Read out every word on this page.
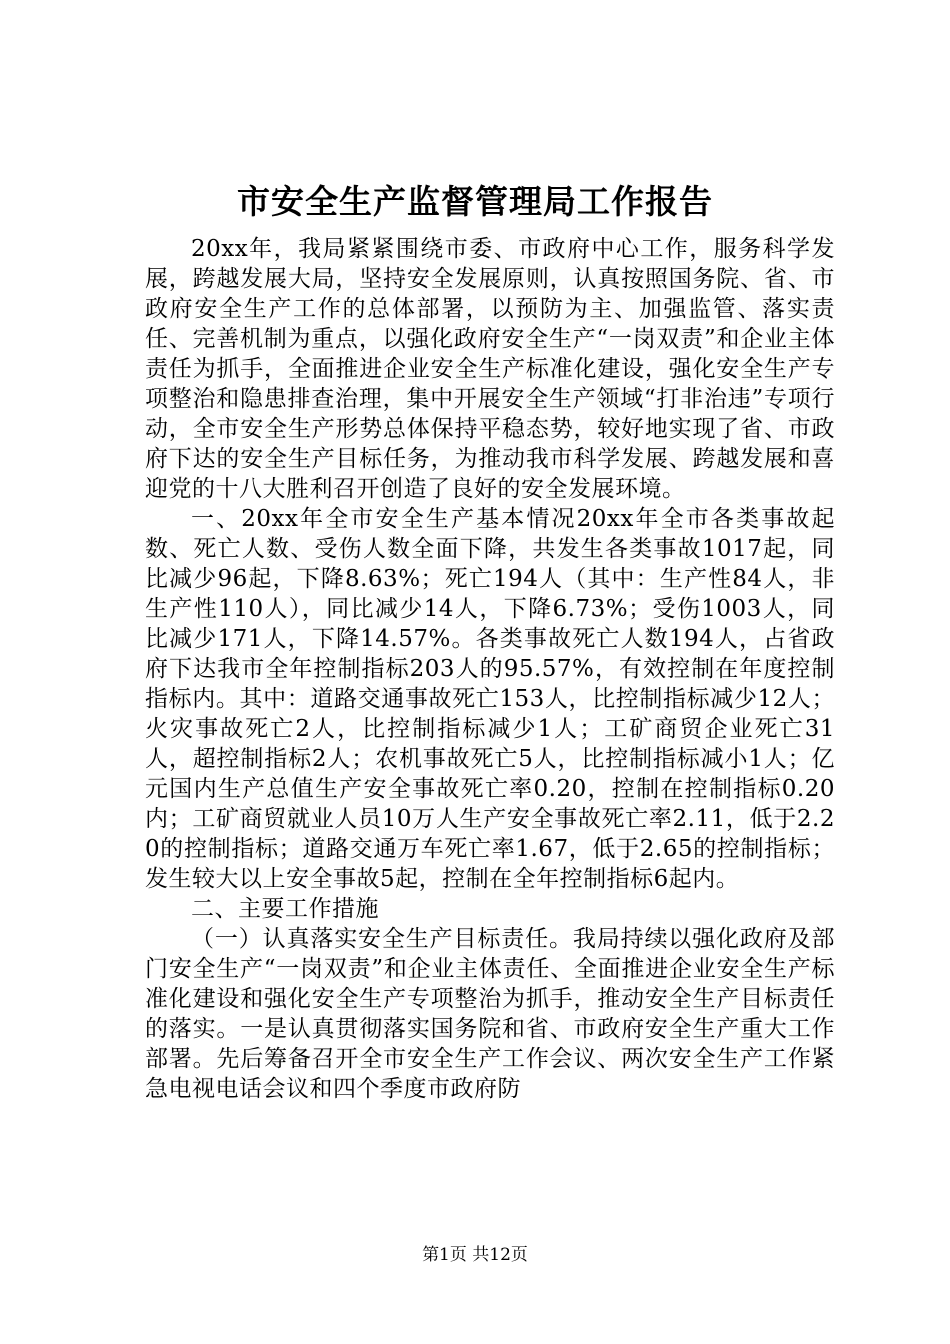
市安全生产监督管理局工作报告

20xx年，我局紧紧围绕市委、市政府中心工作，服务科学发展，跨越发展大局，坚持安全发展原则，认真按照国务院、省、市政府安全生产工作的总体部署，以预防为主、加强监管、落实责任、完善机制为重点，以强化政府安全生产“一岗双责”和企业主体责任为抓手，全面推进企业安全生产标准化建设，强化安全生产专项整治和隐患排查治理，集中开展安全生产领域“打非治违”专项行动，全市安全生产形势总体保持平稳态势，较好地实现了省、市政府下达的安全生产目标任务，为推动我市科学发展、跨越发展和喜迎党的十八大胜利召开创造了良好的安全发展环境。

一、20xx年全市安全生产基本情况20xx年全市各类事故起数、死亡人数、受伤人数全面下降，共发生各类事故1017起，同比减少96起，下降8.63%；死亡194人（其中：生产性84人，非生产性110人），同比减少14人，下降6.73%；受伤1003人，同比减少171人，下降14.57%。各类事故死亡人数194人，占省政府下达我市全年控制指标203人的95.57%，有效控制在年度控制指标内。其中：道路交通事故死亡153人，比控制指标减少12人；火灾事故死亡2人，比控制指标减少1人；工矿商贸企业死亡31人，超控制指标2人；农机事故死亡5人，比控制指标减小1人；亿元国内生产总值生产安全事故死亡率0.20，控制在控制指标0.20内；工矿商贸就业人员10万人生产安全事故死亡率2.11，低于2.20的控制指标；道路交通万车死亡率1.67，低于2.65的控制指标；发生较大以上安全事故5起，控制在全年控制指标6起内。

二、主要工作措施

（一）认真落实安全生产目标责任。我局持续以强化政府及部门安全生产“一岗双责”和企业主体责任、全面推进企业安全生产标准化建设和强化安全生产专项整治为抓手，推动安全生产目标责任的落实。一是认真贯彻落实国务院和省、市政府安全生产重大工作部署。先后筹备召开全市安全生产工作会议、两次安全生产工作紧急电视电话会议和四个季度市政府防

第1页 共12页
